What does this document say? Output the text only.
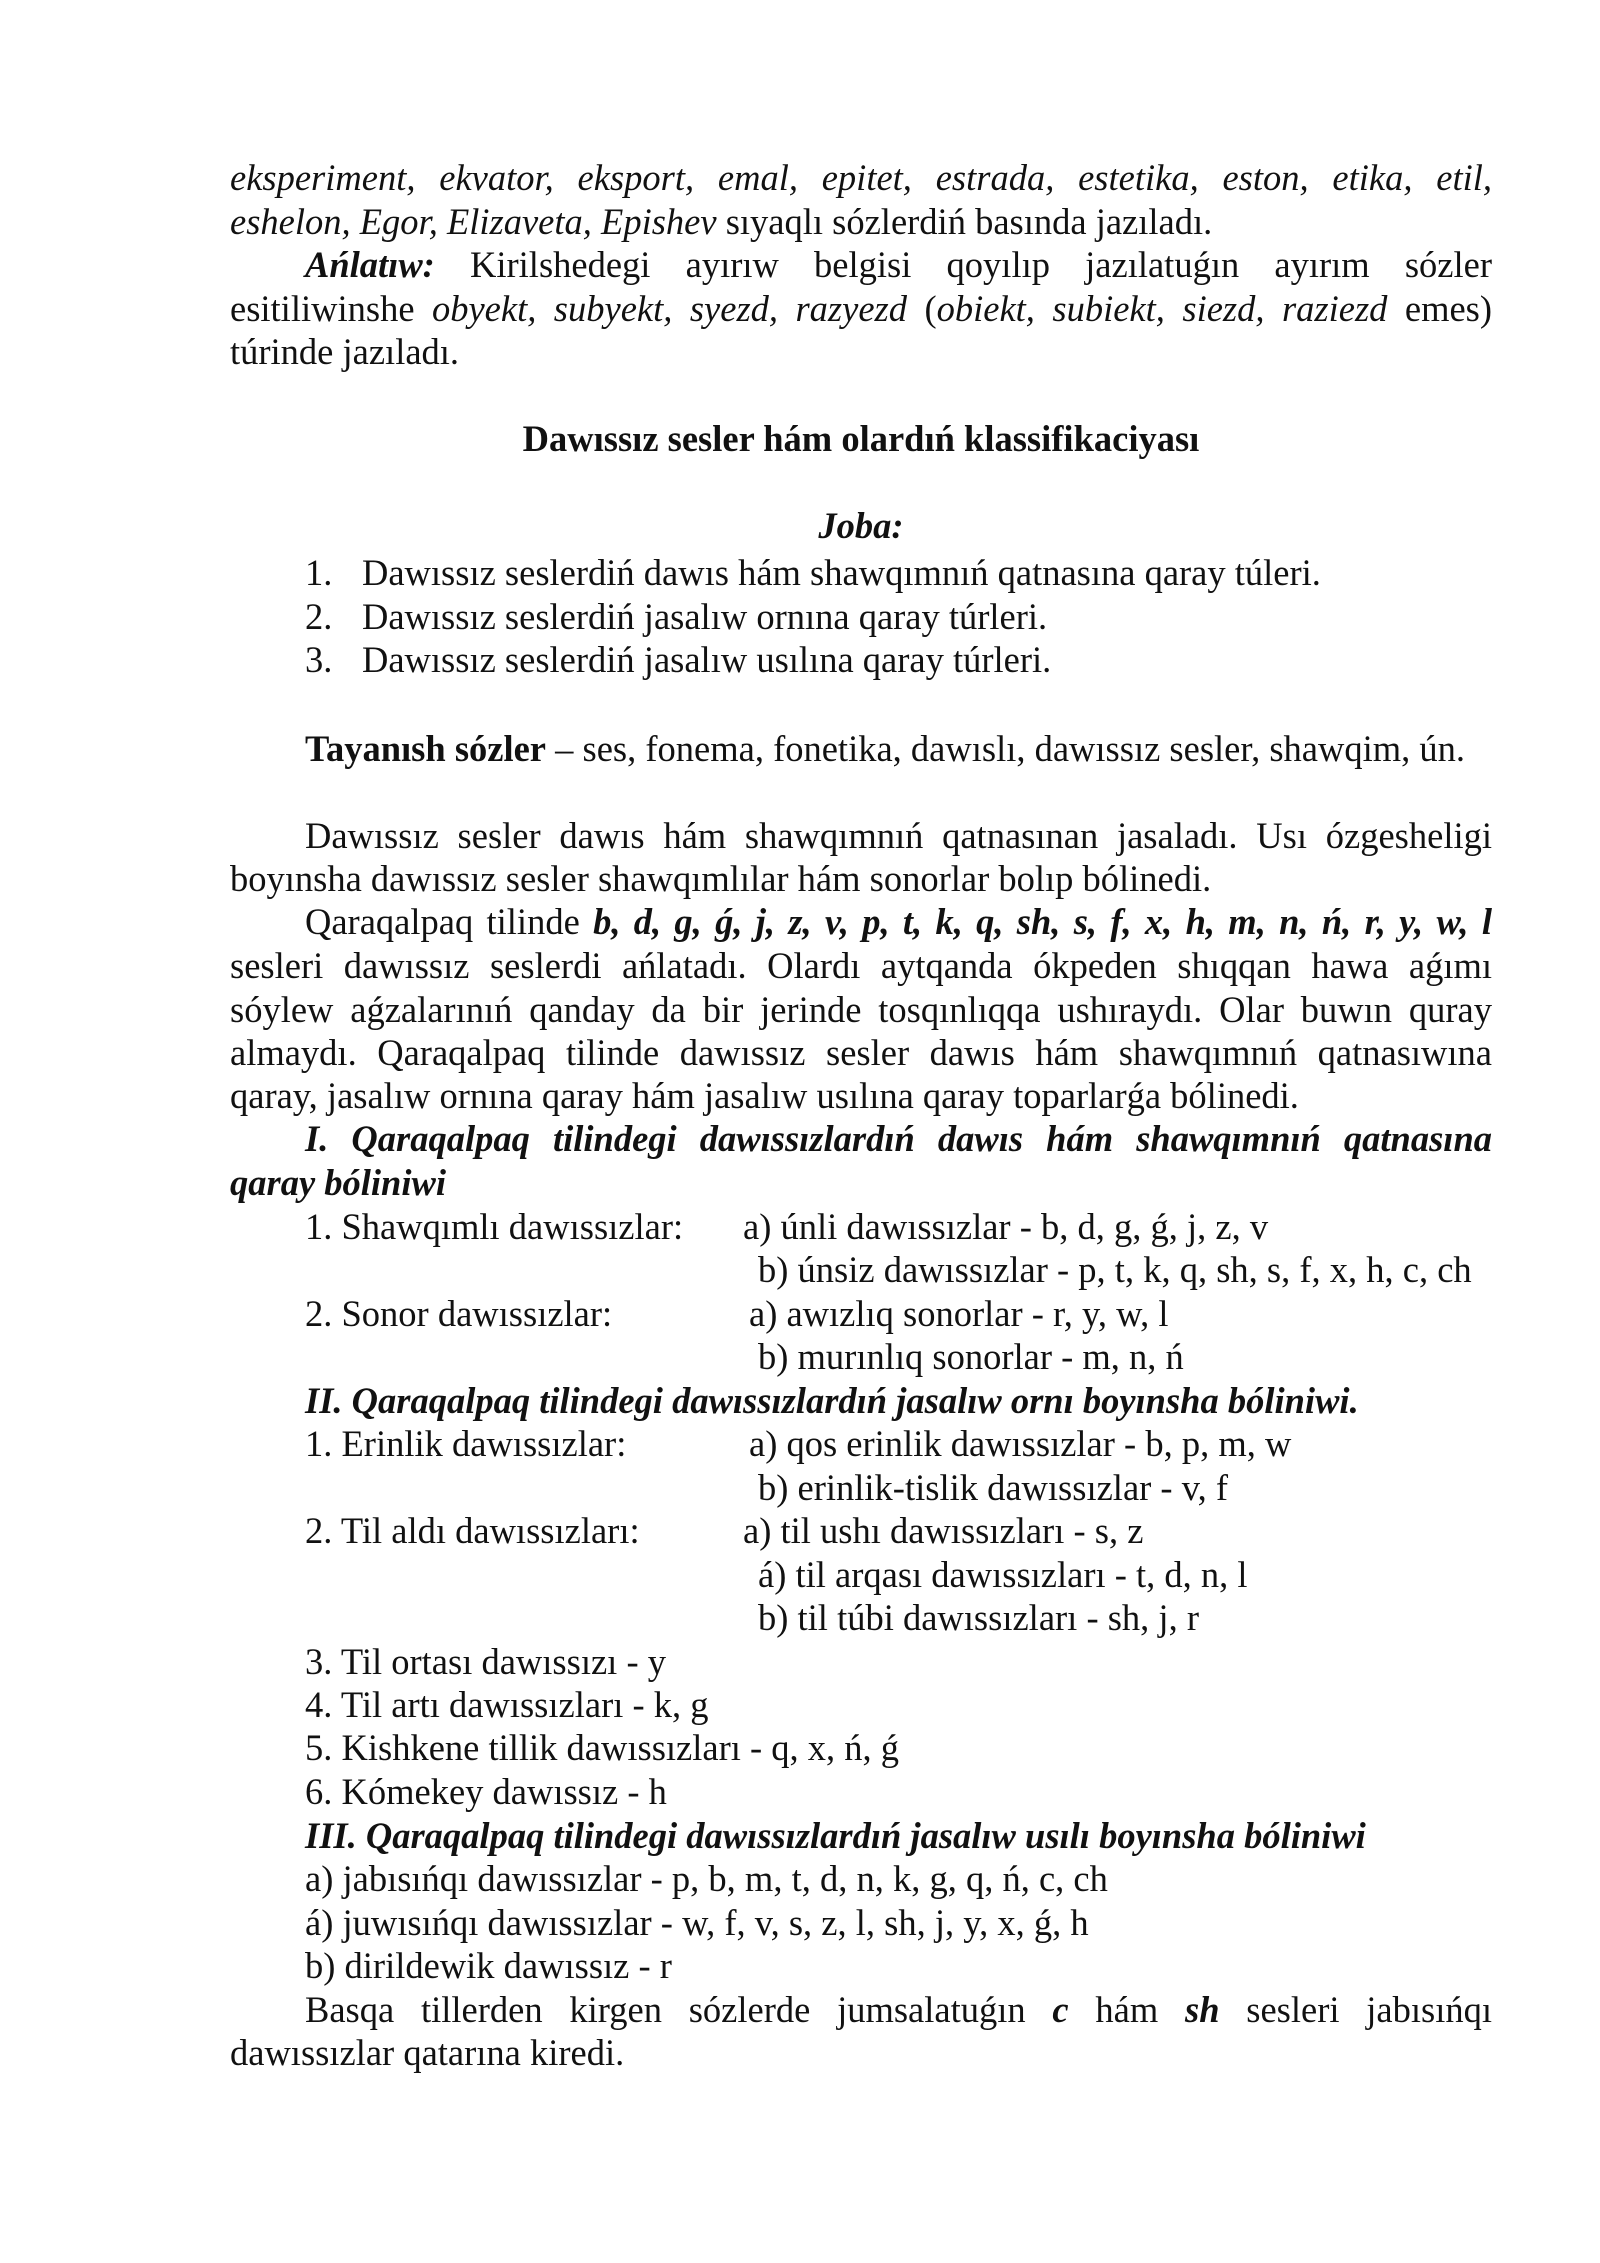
eksperiment, ekvator, eksport, emal, epitet, estrada, estetika, eston, etika, etil,
eshelon, Egor, Elizaveta, Epishev sıyaqlı sózlerdiń basında jazıladı.
Ańlatıw: Kirilshedegi ayırıw belgisi qoyılıp jazılatuǵın ayırım sózler
esitiliwinshe obyekt, subyekt, syezd, razyezd (obiekt, subiekt, siezd, raziezd emes)
túrinde jazıladı.
Dawıssız sesler hám olardıń klassifikaciyası
Joba:
1. Dawıssız seslerdiń dawıs hám shawqımnıń qatnasına qaray túleri.
2. Dawıssız seslerdiń jasalıw ornına qaray túrleri.
3. Dawıssız seslerdiń jasalıw usılına qaray túrleri.
Tayanısh sózler – ses, fonema, fonetika, dawıslı, dawıssız sesler, shawqim, ún.
Dawıssız sesler dawıs hám shawqımnıń qatnasınan jasaladı. Usı ózgesheligi
boyınsha dawıssız sesler shawqımlılar hám sonorlar bolıp bólinedi.
Qaraqalpaq tilinde b, d, g, ǵ, j, z, v, p, t, k, q, sh, s, f, x, h, m, n, ń, r, y, w, l
sesleri dawıssız seslerdi ańlatadı. Olardı aytqanda ókpeden shıqqan hawa aǵımı
sóylew aǵzalarınıń qanday da bir jerinde tosqınlıqqa ushıraydı. Olar buwın quray
almaydı. Qaraqalpaq tilinde dawıssız sesler dawıs hám shawqımnıń qatnasıwına
qaray, jasalıw ornına qaray hám jasalıw usılına qaray toparlarǵa bólinedi.
I. Qaraqalpaq tilindegi dawıssızlardıń dawıs hám shawqımnıń qatnasına
qaray bóliniwi
1. Shawqımlı dawıssızlar:	a) únli dawıssızlar - b, d, g, ǵ, j, z, v
b) únsiz dawıssızlar - p, t, k, q, sh, s, f, x, h, c, ch
2. Sonor dawıssızlar:	a) awızlıq sonorlar - r, y, w, l
b) murınlıq sonorlar - m, n, ń
II. Qaraqalpaq tilindegi dawıssızlardıń jasalıw ornı boyınsha bóliniwi.
1. Erinlik dawıssızlar:	a) qos erinlik dawıssızlar - b, p, m, w
b) erinlik-tislik dawıssızlar - v, f
2. Til aldı dawıssızları:	a) til ushı dawıssızları - s, z
á) til arqası dawıssızları - t, d, n, l
b) til túbi dawıssızları - sh, j, r
3. Til ortası dawıssızı - y
4. Til artı dawıssızları - k, g
5. Kishkene tillik dawıssızları - q, x, ń, ǵ
6. Kómekey dawıssız - h
III. Qaraqalpaq tilindegi dawıssızlardıń jasalıw usılı boyınsha bóliniwi
a) jabısıńqı dawıssızlar - p, b, m, t, d, n, k, g, q, ń, c, ch
á) juwısıńqı dawıssızlar - w, f, v, s, z, l, sh, j, y, x, ǵ, h
b) dirildewik dawıssız - r
Basqa tillerden kirgen sózlerde jumsalatuǵın c hám sh sesleri jabısıńqı
dawıssızlar qatarına kiredi.
